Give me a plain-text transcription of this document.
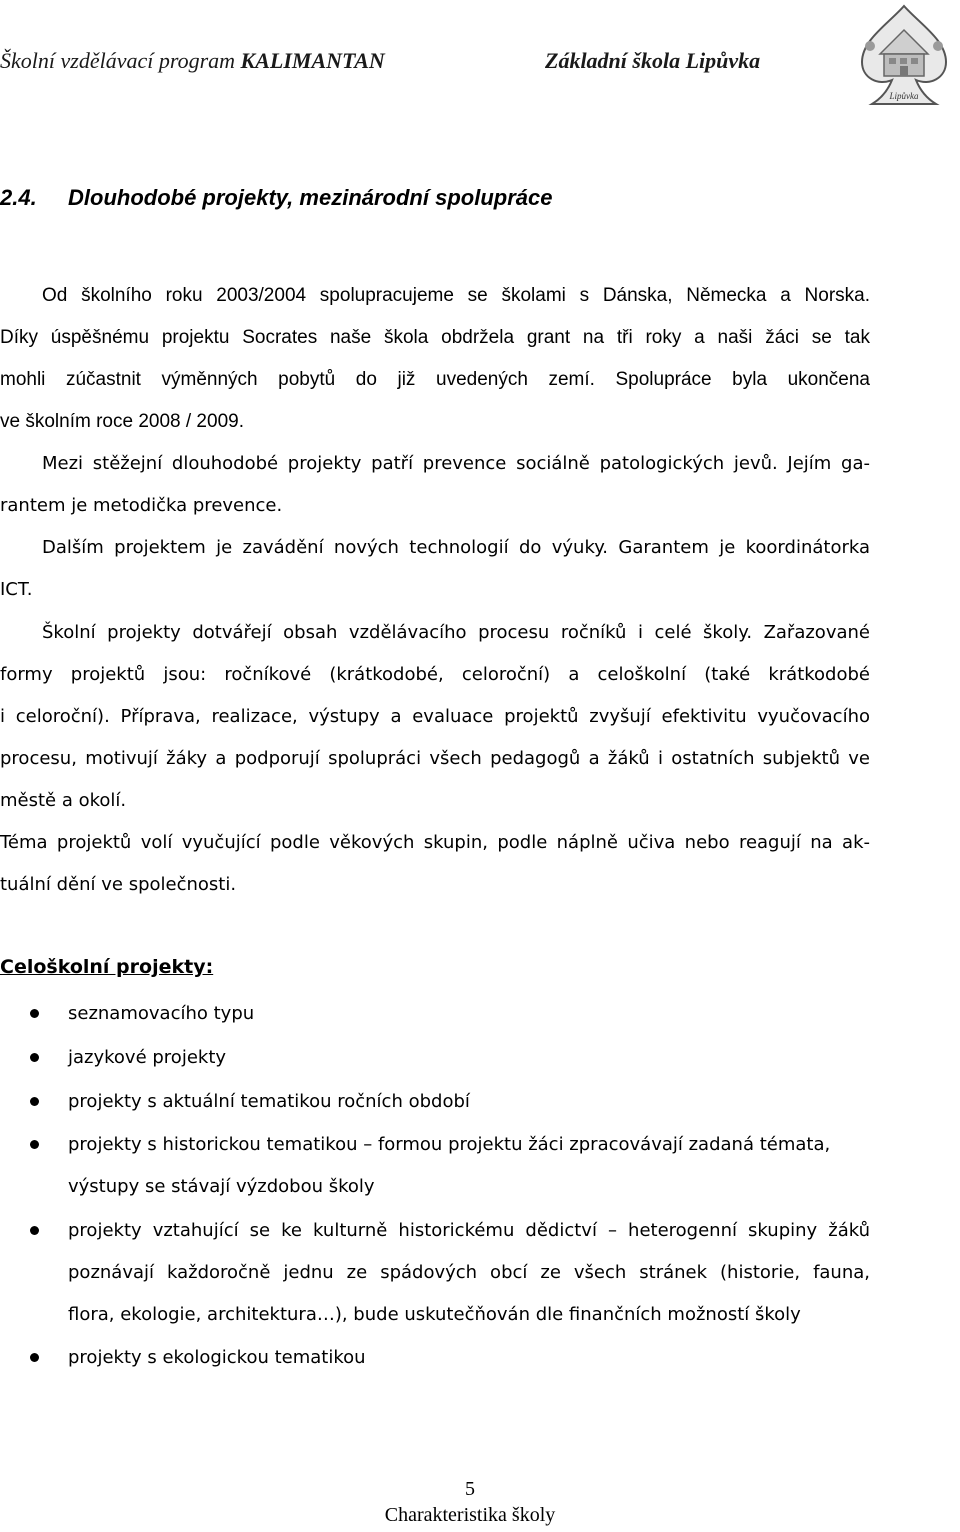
Školní vzdělávací program KALIMANTAN	Základní škola Lipůvka
Lipůvka
2.4. Dlouhodobé projekty, mezinárodní spolupráce
Od školního roku 2003/2004 spolupracujeme se školami s Dánska, Německa a Norska.
Díky úspěšnému projektu Socrates naše škola obdržela grant na tři roky a naši žáci se tak
mohli zúčastnit výměnných pobytů do již uvedených zemí. Spolupráce byla ukončena
ve školním roce 2008 / 2009.
Mezi stěžejní dlouhodobé projekty patří prevence sociálně patologických jevů. Jejím ga-
rantem je metodička prevence.
Dalším projektem je zavádění nových technologií do výuky. Garantem je koordinátorka
ICT.
Školní projekty dotvářejí obsah vzdělávacího procesu ročníků i celé školy. Zařazované
formy projektů jsou: ročníkové (krátkodobé, celoroční) a celoškolní (také krátkodobé
i celoroční). Příprava, realizace, výstupy a evaluace projektů zvyšují efektivitu vyučovacího
procesu, motivují žáky a podporují spolupráci všech pedagogů a žáků i ostatních subjektů ve
městě a okolí.
Téma projektů volí vyučující podle věkových skupin, podle náplně učiva nebo reagují na ak-
tuální dění ve společnosti.
Celoškolní projekty:
seznamovacího typu
jazykové projekty
projekty s aktuální tematikou ročních období
projekty s historickou tematikou – formou projektu žáci zpracovávají zadaná témata,
výstupy se stávají výzdobou školy
projekty vztahující se ke kulturně historickému dědictví – heterogenní skupiny žáků
poznávají každoročně jednu ze spádových obcí ze všech stránek (historie, fauna,
flora, ekologie, architektura…), bude uskutečňován dle finančních možností školy
projekty s ekologickou tematikou
5
Charakteristika školy
